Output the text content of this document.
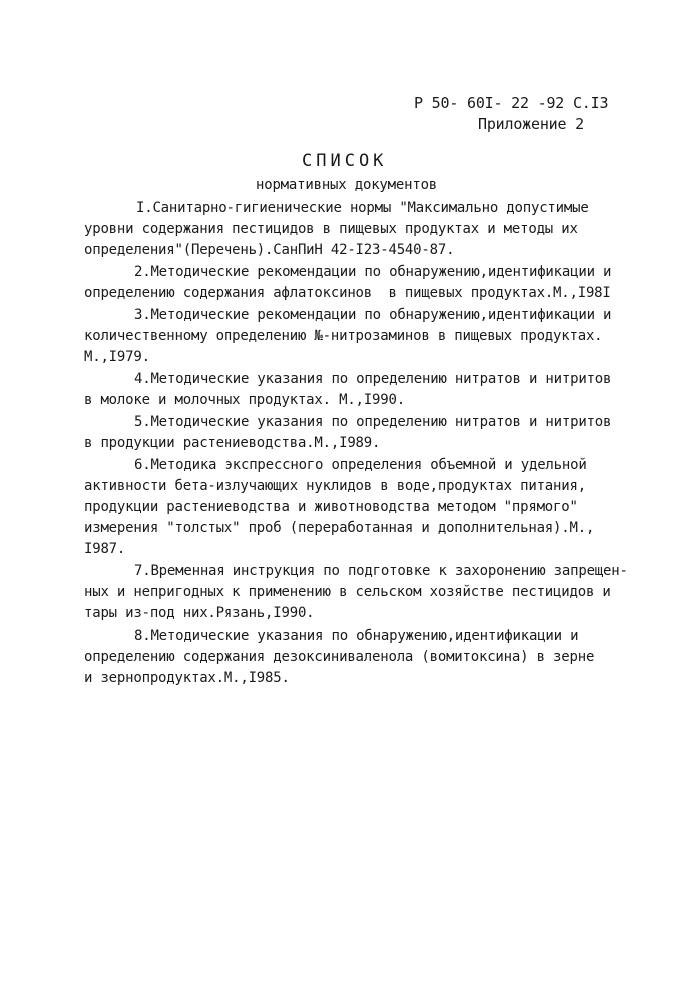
Р 50- 60I- 22 -92 С.I3
Приложение 2
СПИСОК
нормативных документов
I.Санитарно-гигиенические нормы "Максимально допустимые
уровни содержания пестицидов в пищевых продуктах и методы их
определения"(Перечень).СанПиН 42-I23-4540-87.
2.Методические рекомендации по обнаружению,идентификации и
определению содержания афлатоксинов  в пищевых продуктах.М.,I98I
3.Методические рекомендации по обнаружению,идентификации и
количественному определению №-нитрозаминов в пищевых продуктах.
М.,I979.
4.Методические указания по определению нитратов и нитритов
в молоке и молочных продуктах. М.,I990.
5.Методические указания по определению нитратов и нитритов
в продукции растениеводства.М.,I989.
6.Методика экспрессного определения объемной и удельной
активности бета-излучающих нуклидов в воде,продуктах питания,
продукции растениеводства и животноводства методом "прямого"
измерения "толстых" проб (переработанная и дополнительная).М.,
I987.
7.Временная инструкция по подготовке к захоронению запрещен-
ных и непригодных к применению в сельском хозяйстве пестицидов и
тары из-под них.Рязань,I990.
8.Методические указания по обнаружению,идентификации и
определению содержания дезоксиниваленола (вомитоксина) в зерне
и зернопродуктах.М.,I985.
